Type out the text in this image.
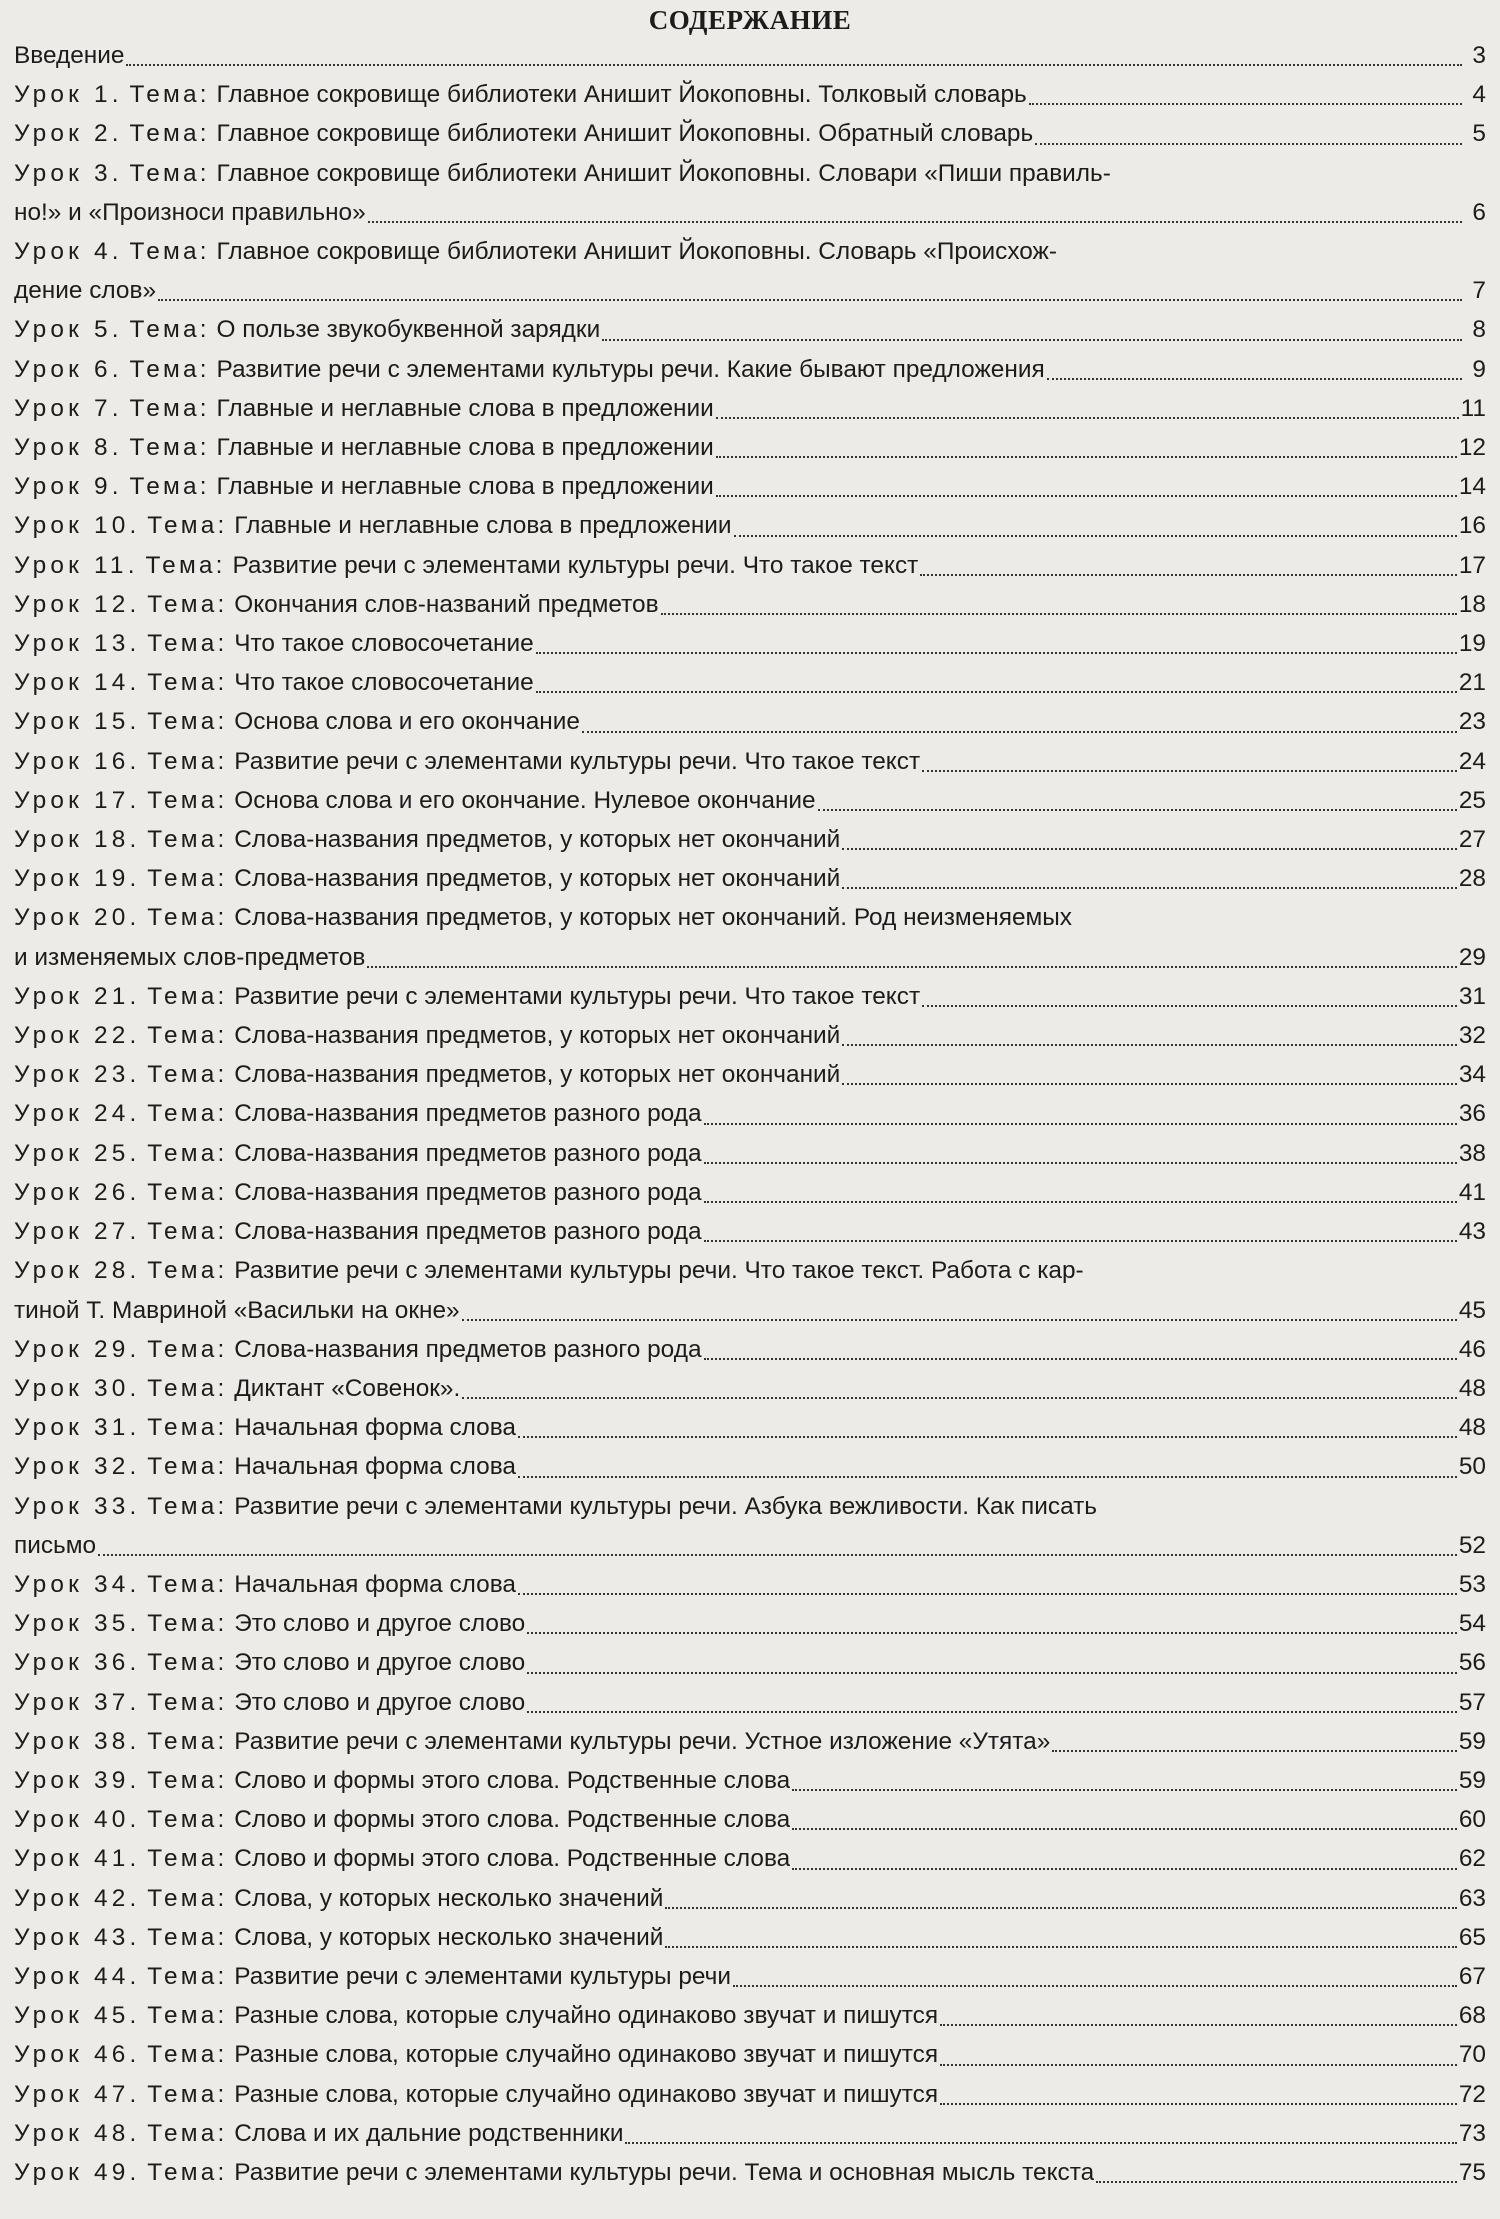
СОДЕРЖАНИЕ
Введение	3
Урок 1. Тема: Главное сокровище библиотеки Анишит Йокоповны. Толковый словарь	4
Урок 2. Тема: Главное сокровище библиотеки Анишит Йокоповны. Обратный словарь	5
Урок 3. Тема: Главное сокровище библиотеки Анишит Йокоповны. Словари «Пиши правиль-
но!» и «Произноси правильно»	6
Урок 4. Тема: Главное сокровище библиотеки Анишит Йокоповны. Словарь «Происхож-
дение слов»	7
Урок 5. Тема: О пользе звукобуквенной зарядки	8
Урок 6. Тема: Развитие речи с элементами культуры речи. Какие бывают предложения	9
Урок 7. Тема: Главные и неглавные слова в предложении	11
Урок 8. Тема: Главные и неглавные слова в предложении	12
Урок 9. Тема: Главные и неглавные слова в предложении	14
Урок 10. Тема: Главные и неглавные слова в предложении	16
Урок 11. Тема: Развитие речи с элементами культуры речи. Что такое текст	17
Урок 12. Тема: Окончания слов-названий предметов	18
Урок 13. Тема: Что такое словосочетание	19
Урок 14. Тема: Что такое словосочетание	21
Урок 15. Тема: Основа слова и его окончание	23
Урок 16. Тема: Развитие речи с элементами культуры речи. Что такое текст	24
Урок 17. Тема: Основа слова и его окончание. Нулевое окончание	25
Урок 18. Тема: Слова-названия предметов, у которых нет окончаний	27
Урок 19. Тема: Слова-названия предметов, у которых нет окончаний	28
Урок 20. Тема: Слова-названия предметов, у которых нет окончаний. Род неизменяемых
и изменяемых слов-предметов	29
Урок 21. Тема: Развитие речи с элементами культуры речи. Что такое текст	31
Урок 22. Тема: Слова-названия предметов, у которых нет окончаний	32
Урок 23. Тема: Слова-названия предметов, у которых нет окончаний	34
Урок 24. Тема: Слова-названия предметов разного рода	36
Урок 25. Тема: Слова-названия предметов разного рода	38
Урок 26. Тема: Слова-названия предметов разного рода	41
Урок 27. Тема: Слова-названия предметов разного рода	43
Урок 28. Тема: Развитие речи с элементами культуры речи. Что такое текст. Работа с кар-
тиной Т. Мавриной «Васильки на окне»	45
Урок 29. Тема: Слова-названия предметов разного рода	46
Урок 30. Тема: Диктант «Совенок».	48
Урок 31. Тема: Начальная форма слова	48
Урок 32. Тема: Начальная форма слова	50
Урок 33. Тема: Развитие речи с элементами культуры речи. Азбука вежливости. Как писать
письмо	52
Урок 34. Тема: Начальная форма слова	53
Урок 35. Тема: Это слово и другое слово	54
Урок 36. Тема: Это слово и другое слово	56
Урок 37. Тема: Это слово и другое слово	57
Урок 38. Тема: Развитие речи с элементами культуры речи. Устное изложение «Утята»	59
Урок 39. Тема: Слово и формы этого слова. Родственные слова	59
Урок 40. Тема: Слово и формы этого слова. Родственные слова	60
Урок 41. Тема: Слово и формы этого слова. Родственные слова	62
Урок 42. Тема: Слова, у которых несколько значений	63
Урок 43. Тема: Слова, у которых несколько значений	65
Урок 44. Тема: Развитие речи с элементами культуры речи	67
Урок 45. Тема: Разные слова, которые случайно одинаково звучат и пишутся	68
Урок 46. Тема: Разные слова, которые случайно одинаково звучат и пишутся	70
Урок 47. Тема: Разные слова, которые случайно одинаково звучат и пишутся	72
Урок 48. Тема: Слова и их дальние родственники	73
Урок 49. Тема: Развитие речи с элементами культуры речи. Тема и основная мысль текста	75
